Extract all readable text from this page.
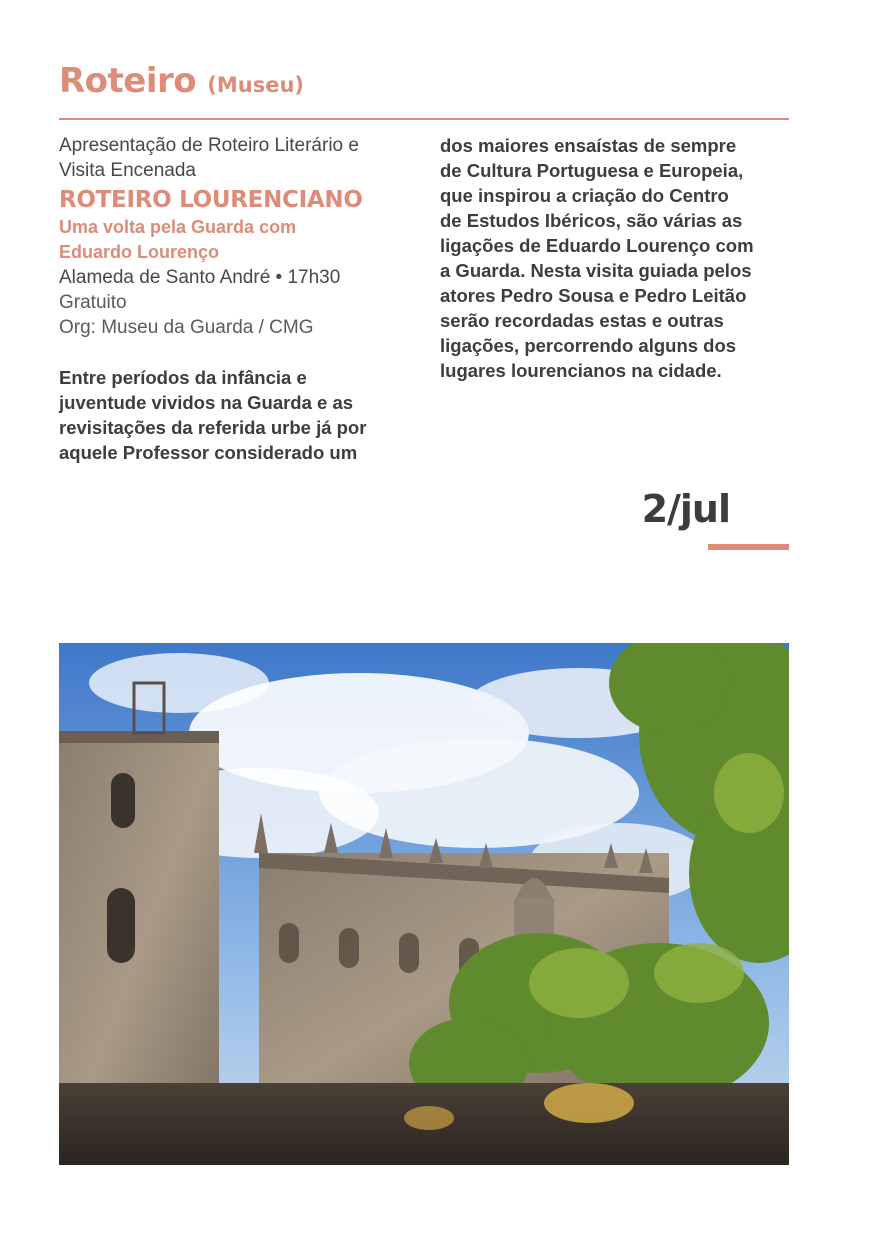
Roteiro (Museu)

Apresentação de Roteiro Literário e
Visita Encenada

ROTEIRO LOURENCIANO

Uma volta pela Guarda com
Eduardo Lourenço

Alameda de Santo André • 17h30

Gratuito

Org: Museu da Guarda / CMG

Entre períodos da infância e
juventude vividos na Guarda e as
revisitações da referida urbe já por
aquele Professor considerado um

dos maiores ensaístas de sempre
de Cultura Portuguesa e Europeia,
que inspirou a criação do Centro
de Estudos Ibéricos, são várias as
ligações de Eduardo Lourenço com
a Guarda. Nesta visita guiada pelos
atores Pedro Sousa e Pedro Leitão
serão recordadas estas e outras
ligações, percorrendo alguns dos
lugares lourencianos na cidade.

2/jul
